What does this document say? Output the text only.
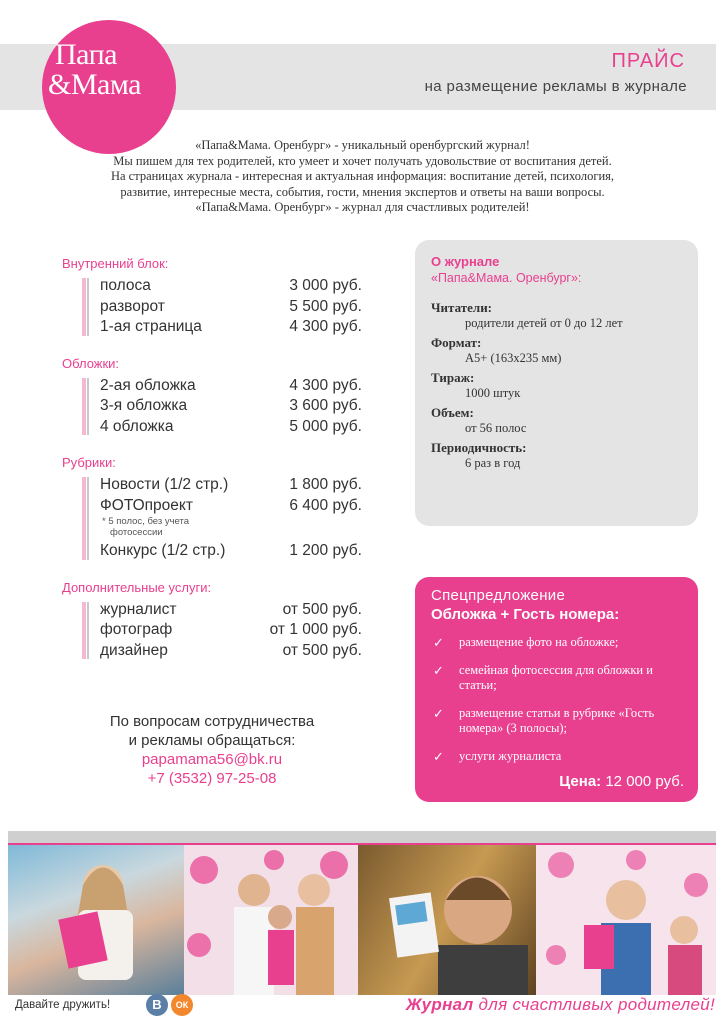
Папа
&Мама
ПРАЙС
на размещение рекламы в журнале
«Папа&Мама. Оренбург» - уникальный оренбургский журнал!
Мы пишем для тех родителей, кто умеет и хочет получать удовольствие от воспитания детей.
На страницах журнала - интересная и актуальная информация: воспитание детей, психология,
развитие, интересные места, события, гости, мнения экспертов и ответы на ваши вопросы.
«Папа&Мама. Оренбург» - журнал для счастливых родителей!
Внутренний блок:
полоса	3 000 руб.
разворот	5 500 руб.
1-ая страница	4 300 руб.
Обложки:
2-ая обложка	4 300 руб.
3-я обложка	3 600 руб.
4 обложка	5 000 руб.
Рубрики:
Новости (1/2 стр.)	1 800 руб.
ФОТОпроект	6 400 руб.
* 5 полос, без учета
фотосессии
Конкурс (1/2 стр.)	1 200 руб.
Дополнительные услуги:
журналист	от 500 руб.
фотограф	от 1 000 руб.
дизайнер	от 500 руб.
По вопросам сотрудничества
и рекламы обращаться:
papamama56@bk.ru
+7 (3532) 97-25-08
О журнале
«Папа&Мама. Оренбург»:
Читатели:
родители детей от 0 до 12 лет
Формат:
А5+ (163х235 мм)
Тираж:
1000 штук
Объем:
от 56 полос
Периодичность:
6 раз в год
Спецпредложение
Обложка + Гость номера:
✓	размещение фото на обложке;
✓	семейная фотосессия для обложки и статьи;
✓	размещение статьи в рубрике «Гость номера» (3 полосы);
✓	услуги журналиста
Цена: 12 000 руб.
Давайте дружить!	В	ОК	Журнал для счастливых родителей!
